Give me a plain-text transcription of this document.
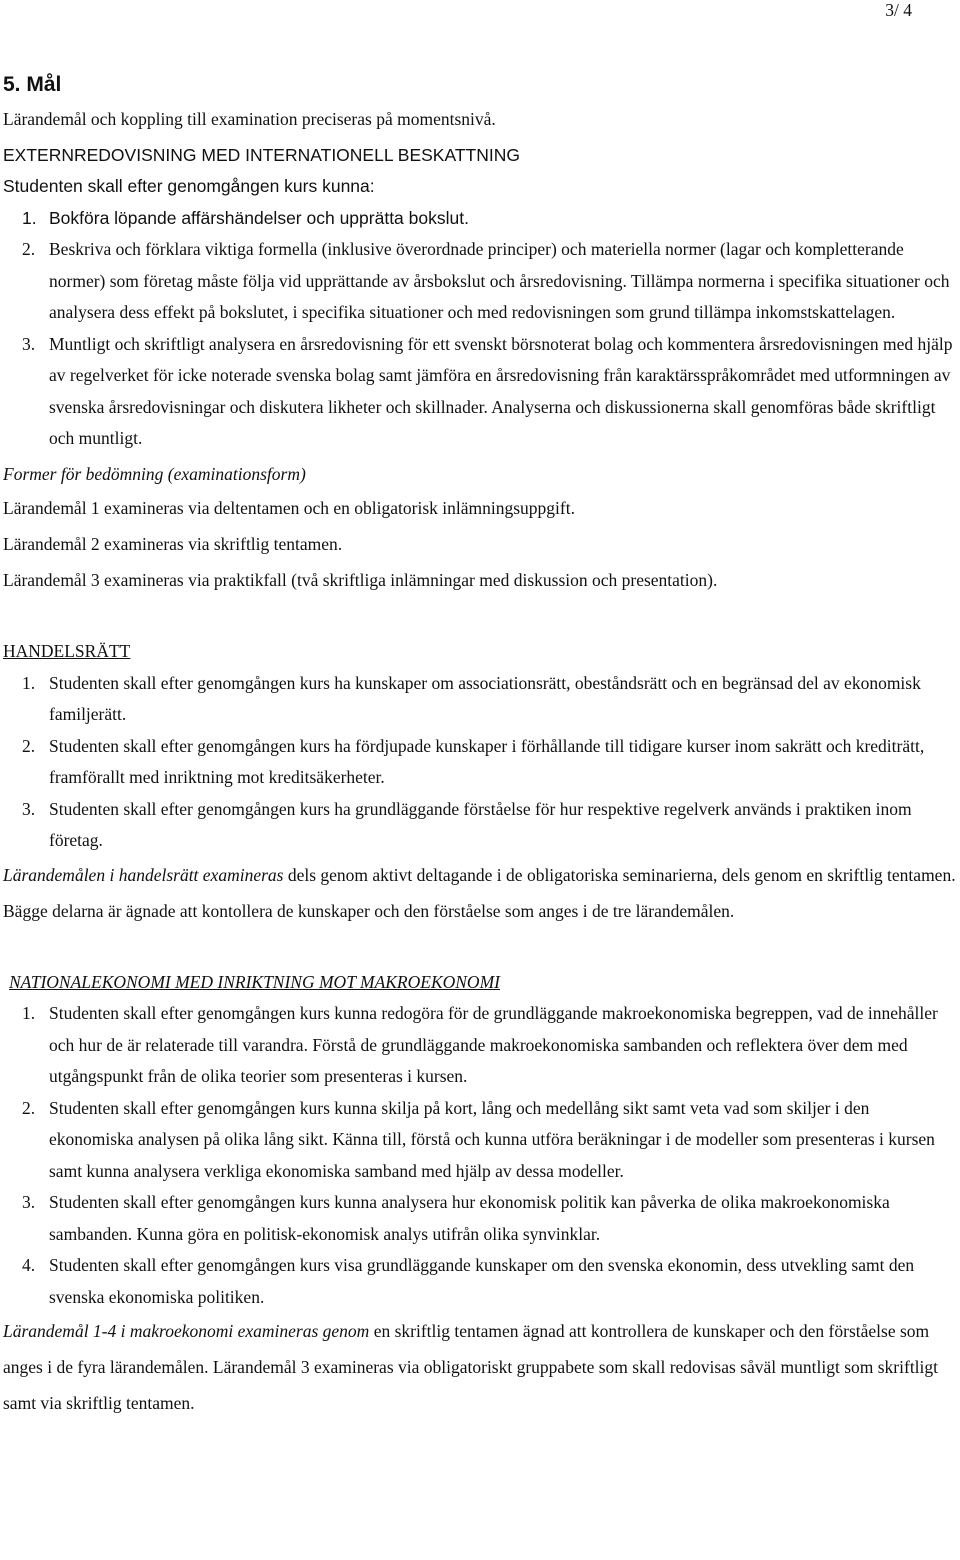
3/ 4
5. Mål

Lärandemål och koppling till examination preciseras på momentsnivå.

EXTERNREDOVISNING MED INTERNATIONELL BESKATTNING

Studenten skall efter genomgången kurs kunna:

1. Bokföra löpande affärshändelser och upprätta bokslut.
2. Beskriva och förklara viktiga formella (inklusive överordnade principer) och materiella normer (lagar och kompletterande normer) som företag måste följa vid upprättande av årsbokslut och årsredovisning. Tillämpa normerna i specifika situationer och analysera dess effekt på bokslutet, i specifika situationer och med redovisningen som grund tillämpa inkomstskattelagen.
3. Muntligt och skriftligt analysera en årsredovisning för ett svenskt börsnoterat bolag och kommentera årsredovisningen med hjälp av regelverket för icke noterade svenska bolag samt jämföra en årsredovisning från karaktärsspråkområdet med utformningen av svenska årsredovisningar och diskutera likheter och skillnader. Analyserna och diskussionerna skall genomföras både skriftligt och muntligt.

Former för bedömning (examinationsform)

Lärandemål 1 examineras via deltentamen och en obligatorisk inlämningsuppgift.

Lärandemål 2 examineras via skriftlig tentamen.

Lärandemål 3 examineras via praktikfall (två skriftliga inlämningar med diskussion och presentation).

HANDELSRÄTT

1. Studenten skall efter genomgången kurs ha kunskaper om associationsrätt, obeståndsrätt och en begränsad del av ekonomisk familjerätt.
2. Studenten skall efter genomgången kurs ha fördjupade kunskaper i förhållande till tidigare kurser inom sakrätt och krediträtt, framförallt med inriktning mot kreditsäkerheter.
3. Studenten skall efter genomgången kurs ha grundläggande förståelse för hur respektive regelverk används i praktiken inom företag.

Lärandemålen i handelsrätt examineras dels genom aktivt deltagande i de obligatoriska seminarierna, dels genom en skriftlig tentamen. Bägge delarna är ägnade att kontollera de kunskaper och den förståelse som anges i de tre lärandemålen.

NATIONALEKONOMI MED INRIKTNING MOT MAKROEKONOMI

1. Studenten skall efter genomgången kurs kunna redogöra för de grundläggande makroekonomiska begreppen, vad de innehåller och hur de är relaterade till varandra. Förstå de grundläggande makroekonomiska sambanden och reflektera över dem med utgångspunkt från de olika teorier som presenteras i kursen.
2. Studenten skall efter genomgången kurs kunna skilja på kort, lång och medellång sikt samt veta vad som skiljer i den ekonomiska analysen på olika lång sikt. Känna till, förstå och kunna utföra beräkningar i de modeller som presenteras i kursen samt kunna analysera verkliga ekonomiska samband med hjälp av dessa modeller.
3. Studenten skall efter genomgången kurs kunna analysera hur ekonomisk politik kan påverka de olika makroekonomiska sambanden. Kunna göra en politisk-ekonomisk analys utifrån olika synvinklar.
4. Studenten skall efter genomgången kurs visa grundläggande kunskaper om den svenska ekonomin, dess utvekling samt den svenska ekonomiska politiken.

Lärandemål 1-4 i makroekonomi examineras genom en skriftlig tentamen ägnad att kontrollera de kunskaper och den förståelse som anges i de fyra lärandemålen. Lärandemål 3 examineras via obligatoriskt gruppabete som skall redovisas såväl muntligt som skriftligt samt via skriftlig tentamen.
